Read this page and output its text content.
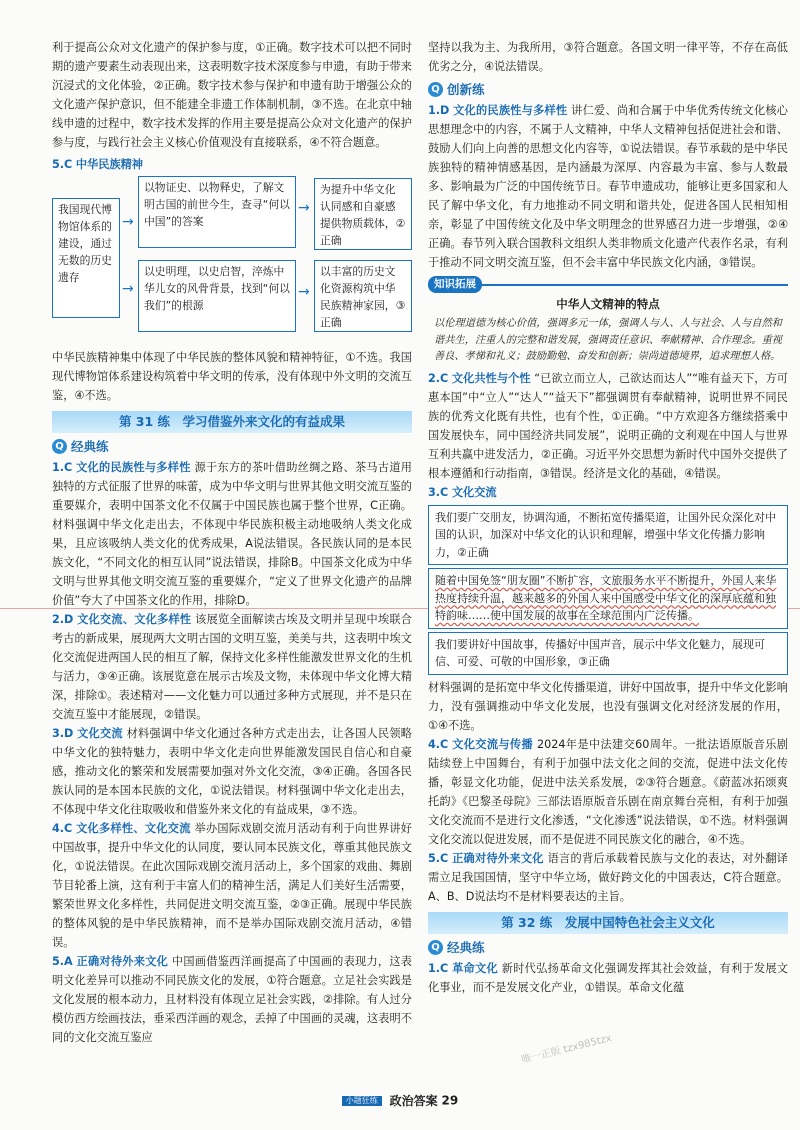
利于提高公众对文化遗产的保护参与度，①正确。数字技术可以把不同时期的遗产要素生动表现出来，这表明数字技术深度参与申遗，有助于带来沉浸式的文化体验，②正确。数字技术参与保护和申遗有助于增强公众的文化遗产保护意识，但不能建全非遗工作体制机制，③不选。在北京中轴线申遗的过程中，数字技术发挥的作用主要是提高公众对文化遗产的保护参与度，与践行社会主义核心价值观没有直接联系，④不符合题意。

5.C 中华民族精神

我国现代博物馆体系的建设，通过无数的历史遗存
→
→
以物证史、以物释史，了解文明古国的前世今生，查寻“何以中国”的答案
以史明理，以史启智，淬炼中华儿女的风骨背景，找到“何以我们”的根源
→
→
为提升中华文化认同感和自豪感提供物质载体，②正确
以丰富的历史文化资源构筑中华民族精神家园，③正确

中华民族精神集中体现了中华民族的整体风貌和精神特征，①不选。我国现代博物馆体系建设构筑着中华文明的传承，没有体现中外文明的交流互鉴，④不选。

第 31 练　学习借鉴外来文化的有益成果
Q 经典练

1.C 文化的民族性与多样性 源于东方的茶叶借助丝绸之路、茶马古道用独特的方式征服了世界的味蕾，成为中华文明与世界其他文明交流互鉴的重要媒介，表明中国茶文化不仅属于中国民族也属于整个世界，C正确。材料强调中华文化走出去，不体现中华民族积极主动地吸纳人类文化成果，且应该吸纳人类文化的优秀成果，A说法错误。各民族认同的是本民族文化，“不同文化的相互认同”说法错误，排除B。中国茶文化成为中华文明与世界其他文明交流互鉴的重要媒介，“定义了世界文化遗产的品牌价值”夸大了中国茶文化的作用，排除D。

2.D 文化交流、文化多样性 该展览全面解读古埃及文明并呈现中埃联合考古的新成果，展现两大文明古国的文明互鉴，美美与共，这表明中埃文化交流促进两国人民的相互了解，保持文化多样性能激发世界文化的生机与活力，③④正确。该展览意在展示古埃及文物，未体现中华文化博大精深，排除①。表述精对——文化魅力可以通过多种方式展现，并不是只在交流互鉴中才能展现，②错误。

3.D 文化交流 材料强调中华文化通过各种方式走出去，让各国人民领略中华文化的独特魅力，表明中华文化走向世界能激发国民自信心和自豪感，推动文化的繁荣和发展需要加强对外文化交流，③④正确。各国各民族认同的是本国本民族的文化，①说法错误。材料强调中华文化走出去，不体现中华文化往取吸收和借鉴外来文化的有益成果，③不选。

4.C 文化多样性、文化交流 举办国际戏剧交流月活动有利于向世界讲好中国故事，提升中华文化的认同度，要认同本民族文化，尊重其他民族文化，①说法错误。在此次国际戏剧交流月活动上，多个国家的戏曲、舞剧节目轮番上演，这有利于丰富人们的精神生活，满足人们美好生活需要，繁荣世界文化多样性，共同促进文明交流互鉴，②③正确。展现中华民族的整体风貌的是中华民族精神，而不是举办国际戏剧交流月活动，④错误。

5.A 正确对待外来文化 中国画借鉴西洋画提高了中国画的表现力，这表明文化差异可以推动不同民族文化的发展，①符合题意。立足社会实践是文化发展的根本动力，且材料没有体现立足社会实践，②排除。有人过分模仿西方绘画技法，垂采西洋画的观念，丢掉了中国画的灵魂，这表明不同的文化交流互鉴应

坚持以我为主、为我所用，③符合题意。各国文明一律平等，不存在高低优劣之分，④说法错误。

Q 创新练

1.D 文化的民族性与多样性 讲仁爱、尚和合属于中华优秀传统文化核心思想理念中的内容，不属于人文精神，中华人文精神包括促进社会和谐、鼓励人们向上向善的思想文化内容等，①说法错误。春节承载的是中华民族独特的精神情感基因，是内涵最为深厚、内容最为丰富、参与人数最多、影响最为广泛的中国传统节日。春节申遗成功，能够让更多国家和人民了解中华文化，有力地推动不同文明和谐共处，促进各国人民相知相亲，彰显了中国传统文化及中华文明理念的世界感召力进一步增强，②④正确。春节列入联合国教科文组织人类非物质文化遗产代表作名录，有利于推动不同文明交流互鉴，但不会丰富中华民族文化内涵，③错误。

知识拓展
中华人文精神的特点
以伦理道德为核心价值，强调多元一体，强调人与人、人与社会、人与自然和谐共生，注重人的完整和谐发展，强调责任意识、奉献精神、合作理念。重视善良、孝悌和礼义；鼓励勤勉、奋发和创新；崇尚道德境界，追求理想人格。

2.C 文化共性与个性 “已欲立而立人，己欲达而达人”“唯有益天下，方可惠本国”中“立人”“达人”“益天下”都强调贯有奉献精神，说明世界不同民族的优秀文化既有共性，也有个性，①正确。“中方欢迎各方继续搭乘中国发展快车，同中国经济共同发展”，说明正确的文利观在中国人与世界互利共赢中进发活力，②正确。习近平外交思想为新时代中国外交提供了根本遵循和行动指南，③错误。经济是文化的基础，④错误。

3.C 文化交流

我们要广交朋友，协调沟通，不断拓宽传播渠道，让国外民众深化对中国的认识，加深对中华文化的认识和理解，增强中华文化传播力影响力，②正确
随着中国免签“朋友圈”不断扩容，文旅服务水平不断提升，外国人来华热度持续升温，越来越多的外国人来中国感受中华文化的深厚底蕴和独特韵味……使中国发展的故事在全球范围内广泛传播。
我们要讲好中国故事，传播好中国声音，展示中华文化魅力，展现可信、可爱、可敬的中国形象，③正确

材料强调的是拓宽中华文化传播渠道，讲好中国故事，提升中华文化影响力，没有强调推动中华文化发展，也没有强调文化对经济发展的作用，①④不选。

4.C 文化交流与传播 2024年是中法建交60周年。一批法语原版音乐剧陆续登上中国舞台，有利于加强中法文化之间的交流，促进中法文化传播，彰显文化功能，促进中法关系发展，②③符合题意。《蔚蓝冰拓颂爽托韵》《巴黎圣母院》三部法语原版音乐剧在南京舞台亮相，有利于加强文化交流而不是进行文化渗透，“文化渗透”说法错误，①不选。材料强调文化交流以促进发展，而不是促进不同民族文化的融合，④不选。

5.C 正确对待外来文化 语言的背后承载着民族与文化的表达，对外翻译需立足我国国情，坚守中华立场，做好跨文化的中国表达，C符合题意。A、B、D说法均不是材料要表达的主旨。

第 32 练　发展中国特色社会主义文化
Q 经典练

1.C 革命文化 新时代弘扬革命文化强调发挥其社会效益，有利于发展文化事业，而不是发展文化产业，①错误。革命文化蕴

小题狂练 政治答案 29
唯一正版 tzx985tzx
